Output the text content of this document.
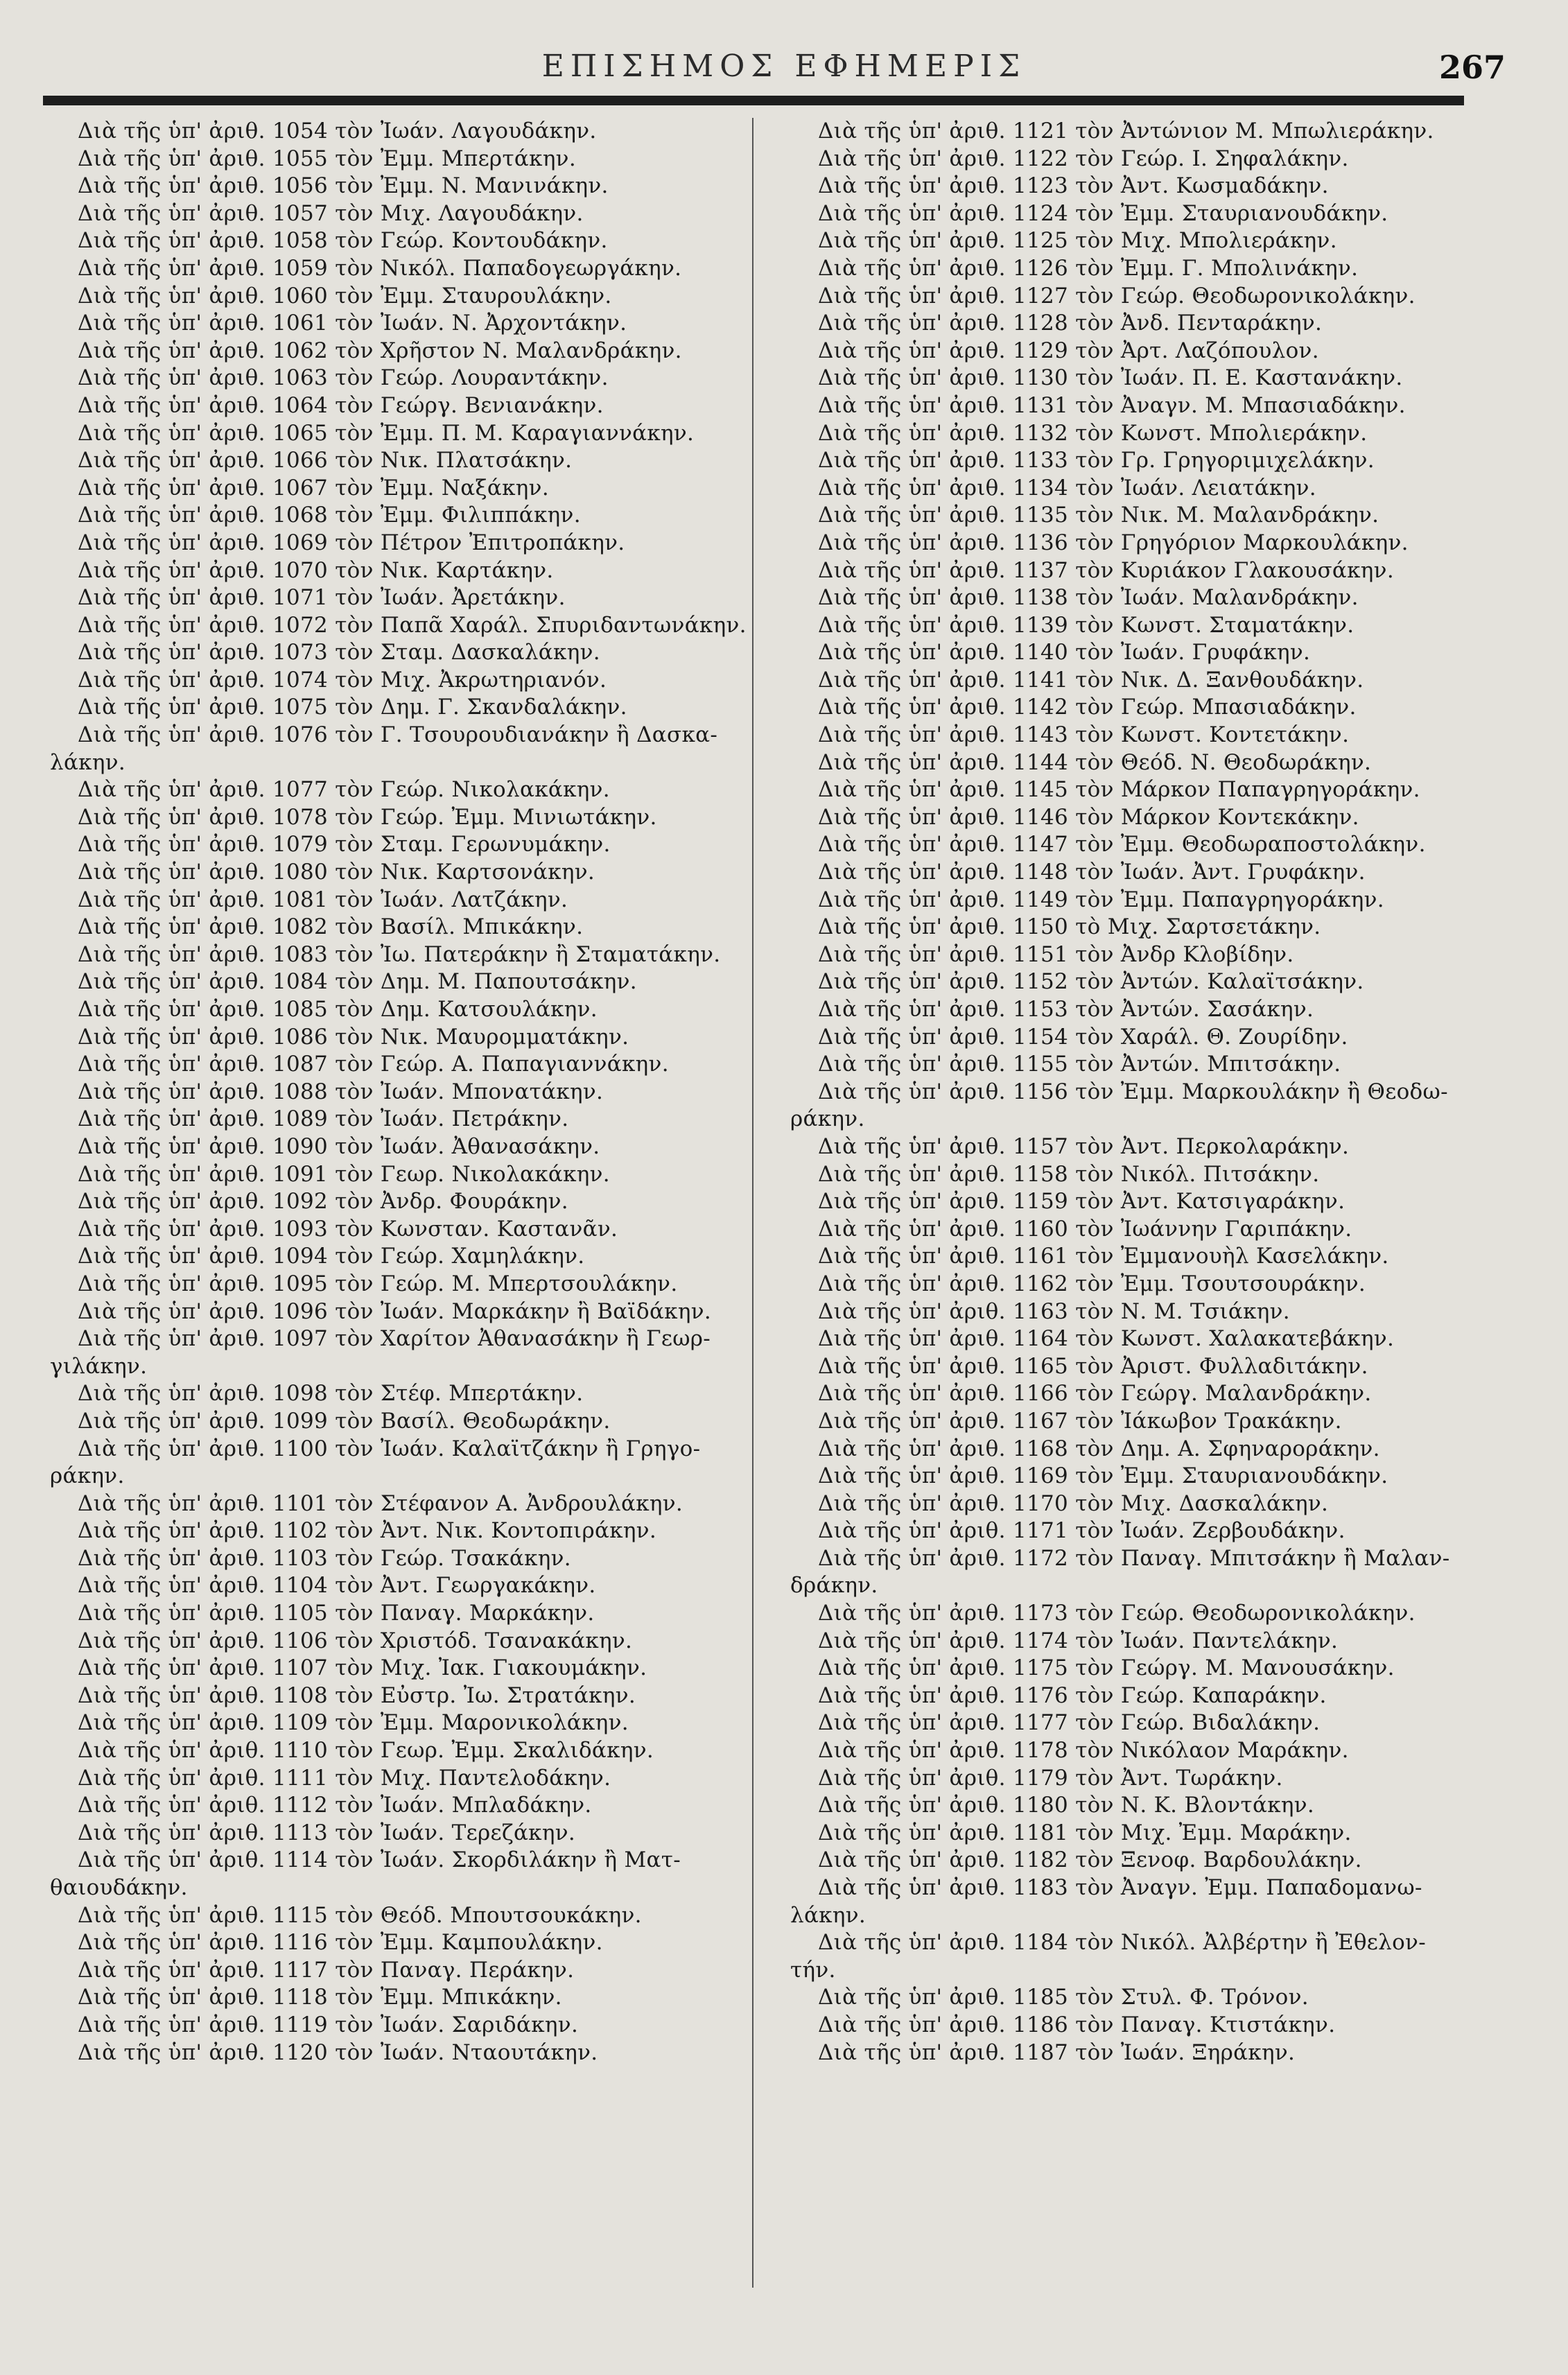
ΕΠΙΣΗΜΟΣ ΕΦΗΜΕΡΙΣ	267
Διὰ τῆς ὑπ' ἀριθ. 1054 τὸν Ἰωάν. Λαγουδάκην.
Διὰ τῆς ὑπ' ἀριθ. 1055 τὸν Ἐμμ. Μπερτάκην.
Διὰ τῆς ὑπ' ἀριθ. 1056 τὸν Ἐμμ. Ν. Μανινάκην.
Διὰ τῆς ὑπ' ἀριθ. 1057 τὸν Μιχ. Λαγουδάκην.
Διὰ τῆς ὑπ' ἀριθ. 1058 τὸν Γεώρ. Κοντουδάκην.
Διὰ τῆς ὑπ' ἀριθ. 1059 τὸν Νικόλ. Παπαδογεωργάκην.
Διὰ τῆς ὑπ' ἀριθ. 1060 τὸν Ἐμμ. Σταυρουλάκην.
Διὰ τῆς ὑπ' ἀριθ. 1061 τὸν Ἰωάν. Ν. Ἀρχοντάκην.
Διὰ τῆς ὑπ' ἀριθ. 1062 τὸν Χρῆστον Ν. Μαλανδράκην.
Διὰ τῆς ὑπ' ἀριθ. 1063 τὸν Γεώρ. Λουραντάκην.
Διὰ τῆς ὑπ' ἀριθ. 1064 τὸν Γεώργ. Βενιανάκην.
Διὰ τῆς ὑπ' ἀριθ. 1065 τὸν Ἐμμ. Π. Μ. Καραγιαννάκην.
Διὰ τῆς ὑπ' ἀριθ. 1066 τὸν Νικ. Πλατσάκην.
Διὰ τῆς ὑπ' ἀριθ. 1067 τὸν Ἐμμ. Ναξάκην.
Διὰ τῆς ὑπ' ἀριθ. 1068 τὸν Ἐμμ. Φιλιππάκην.
Διὰ τῆς ὑπ' ἀριθ. 1069 τὸν Πέτρον Ἐπιτροπάκην.
Διὰ τῆς ὑπ' ἀριθ. 1070 τὸν Νικ. Καρτάκην.
Διὰ τῆς ὑπ' ἀριθ. 1071 τὸν Ἰωάν. Ἀρετάκην.
Διὰ τῆς ὑπ' ἀριθ. 1072 τὸν Παπᾶ Χαράλ. Σπυριδαντωνάκην.
Διὰ τῆς ὑπ' ἀριθ. 1073 τὸν Σταμ. Δασκαλάκην.
Διὰ τῆς ὑπ' ἀριθ. 1074 τὸν Μιχ. Ἀκρωτηριανόν.
Διὰ τῆς ὑπ' ἀριθ. 1075 τὸν Δημ. Γ. Σκανδαλάκην.
Διὰ τῆς ὑπ' ἀριθ. 1076 τὸν Γ. Τσουρουδιανάκην ἢ Δασκα-
λάκην.
Διὰ τῆς ὑπ' ἀριθ. 1077 τὸν Γεώρ. Νικολακάκην.
Διὰ τῆς ὑπ' ἀριθ. 1078 τὸν Γεώρ. Ἐμμ. Μινιωτάκην.
Διὰ τῆς ὑπ' ἀριθ. 1079 τὸν Σταμ. Γερωνυμάκην.
Διὰ τῆς ὑπ' ἀριθ. 1080 τὸν Νικ. Καρτσονάκην.
Διὰ τῆς ὑπ' ἀριθ. 1081 τὸν Ἰωάν. Λατζάκην.
Διὰ τῆς ὑπ' ἀριθ. 1082 τὸν Βασίλ. Μπικάκην.
Διὰ τῆς ὑπ' ἀριθ. 1083 τὸν Ἰω. Πατεράκην ἢ Σταματάκην.
Διὰ τῆς ὑπ' ἀριθ. 1084 τὸν Δημ. Μ. Παπουτσάκην.
Διὰ τῆς ὑπ' ἀριθ. 1085 τὸν Δημ. Κατσουλάκην.
Διὰ τῆς ὑπ' ἀριθ. 1086 τὸν Νικ. Μαυρομματάκην.
Διὰ τῆς ὑπ' ἀριθ. 1087 τὸν Γεώρ. Α. Παπαγιαννάκην.
Διὰ τῆς ὑπ' ἀριθ. 1088 τὸν Ἰωάν. Μπονατάκην.
Διὰ τῆς ὑπ' ἀριθ. 1089 τὸν Ἰωάν. Πετράκην.
Διὰ τῆς ὑπ' ἀριθ. 1090 τὸν Ἰωάν. Ἀθανασάκην.
Διὰ τῆς ὑπ' ἀριθ. 1091 τὸν Γεωρ. Νικολακάκην.
Διὰ τῆς ὑπ' ἀριθ. 1092 τὸν Ἀνδρ. Φουράκην.
Διὰ τῆς ὑπ' ἀριθ. 1093 τὸν Κωνσταν. Καστανᾶν.
Διὰ τῆς ὑπ' ἀριθ. 1094 τὸν Γεώρ. Χαμηλάκην.
Διὰ τῆς ὑπ' ἀριθ. 1095 τὸν Γεώρ. Μ. Μπερτσουλάκην.
Διὰ τῆς ὑπ' ἀριθ. 1096 τὸν Ἰωάν. Μαρκάκην ἢ Βαϊδάκην.
Διὰ τῆς ὑπ' ἀριθ. 1097 τὸν Χαρίτον Ἀθανασάκην ἢ Γεωρ-
γιλάκην.
Διὰ τῆς ὑπ' ἀριθ. 1098 τὸν Στέφ. Μπερτάκην.
Διὰ τῆς ὑπ' ἀριθ. 1099 τὸν Βασίλ. Θεοδωράκην.
Διὰ τῆς ὑπ' ἀριθ. 1100 τὸν Ἰωάν. Καλαϊτζάκην ἢ Γρηγο-
ράκην.
Διὰ τῆς ὑπ' ἀριθ. 1101 τὸν Στέφανον Α. Ἀνδρουλάκην.
Διὰ τῆς ὑπ' ἀριθ. 1102 τὸν Ἀντ. Νικ. Κοντοπιράκην.
Διὰ τῆς ὑπ' ἀριθ. 1103 τὸν Γεώρ. Τσακάκην.
Διὰ τῆς ὑπ' ἀριθ. 1104 τὸν Ἀντ. Γεωργακάκην.
Διὰ τῆς ὑπ' ἀριθ. 1105 τὸν Παναγ. Μαρκάκην.
Διὰ τῆς ὑπ' ἀριθ. 1106 τὸν Χριστόδ. Τσανακάκην.
Διὰ τῆς ὑπ' ἀριθ. 1107 τὸν Μιχ. Ἰακ. Γιακουμάκην.
Διὰ τῆς ὑπ' ἀριθ. 1108 τὸν Εὐστρ. Ἰω. Στρατάκην.
Διὰ τῆς ὑπ' ἀριθ. 1109 τὸν Ἐμμ. Μαρονικολάκην.
Διὰ τῆς ὑπ' ἀριθ. 1110 τὸν Γεωρ. Ἐμμ. Σκαλιδάκην.
Διὰ τῆς ὑπ' ἀριθ. 1111 τὸν Μιχ. Παντελοδάκην.
Διὰ τῆς ὑπ' ἀριθ. 1112 τὸν Ἰωάν. Μπλαδάκην.
Διὰ τῆς ὑπ' ἀριθ. 1113 τὸν Ἰωάν. Τερεζάκην.
Διὰ τῆς ὑπ' ἀριθ. 1114 τὸν Ἰωάν. Σκορδιλάκην ἢ Ματ-
θαιουδάκην.
Διὰ τῆς ὑπ' ἀριθ. 1115 τὸν Θεόδ. Μπουτσουκάκην.
Διὰ τῆς ὑπ' ἀριθ. 1116 τὸν Ἐμμ. Καμπουλάκην.
Διὰ τῆς ὑπ' ἀριθ. 1117 τὸν Παναγ. Περάκην.
Διὰ τῆς ὑπ' ἀριθ. 1118 τὸν Ἐμμ. Μπικάκην.
Διὰ τῆς ὑπ' ἀριθ. 1119 τὸν Ἰωάν. Σαριδάκην.
Διὰ τῆς ὑπ' ἀριθ. 1120 τὸν Ἰωάν. Νταουτάκην.
Διὰ τῆς ὑπ' ἀριθ. 1121 τὸν Ἀντώνιον Μ. Μπωλιεράκην.
Διὰ τῆς ὑπ' ἀριθ. 1122 τὸν Γεώρ. Ι. Σηφαλάκην.
Διὰ τῆς ὑπ' ἀριθ. 1123 τὸν Ἀντ. Κωσμαδάκην.
Διὰ τῆς ὑπ' ἀριθ. 1124 τὸν Ἐμμ. Σταυριανουδάκην.
Διὰ τῆς ὑπ' ἀριθ. 1125 τὸν Μιχ. Μπολιεράκην.
Διὰ τῆς ὑπ' ἀριθ. 1126 τὸν Ἐμμ. Γ. Μπολινάκην.
Διὰ τῆς ὑπ' ἀριθ. 1127 τὸν Γεώρ. Θεοδωρονικολάκην.
Διὰ τῆς ὑπ' ἀριθ. 1128 τὸν Ἀνδ. Πενταράκην.
Διὰ τῆς ὑπ' ἀριθ. 1129 τὸν Ἀρτ. Λαζόπουλον.
Διὰ τῆς ὑπ' ἀριθ. 1130 τὸν Ἰωάν. Π. Ε. Καστανάκην.
Διὰ τῆς ὑπ' ἀριθ. 1131 τὸν Ἀναγν. Μ. Μπασιαδάκην.
Διὰ τῆς ὑπ' ἀριθ. 1132 τὸν Κωνστ. Μπολιεράκην.
Διὰ τῆς ὑπ' ἀριθ. 1133 τὸν Γρ. Γρηγοριμιχελάκην.
Διὰ τῆς ὑπ' ἀριθ. 1134 τὸν Ἰωάν. Λειατάκην.
Διὰ τῆς ὑπ' ἀριθ. 1135 τὸν Νικ. Μ. Μαλανδράκην.
Διὰ τῆς ὑπ' ἀριθ. 1136 τὸν Γρηγόριον Μαρκουλάκην.
Διὰ τῆς ὑπ' ἀριθ. 1137 τὸν Κυριάκον Γλακουσάκην.
Διὰ τῆς ὑπ' ἀριθ. 1138 τὸν Ἰωάν. Μαλανδράκην.
Διὰ τῆς ὑπ' ἀριθ. 1139 τὸν Κωνστ. Σταματάκην.
Διὰ τῆς ὑπ' ἀριθ. 1140 τὸν Ἰωάν. Γρυφάκην.
Διὰ τῆς ὑπ' ἀριθ. 1141 τὸν Νικ. Δ. Ξανθουδάκην.
Διὰ τῆς ὑπ' ἀριθ. 1142 τὸν Γεώρ. Μπασιαδάκην.
Διὰ τῆς ὑπ' ἀριθ. 1143 τὸν Κωνστ. Κοντετάκην.
Διὰ τῆς ὑπ' ἀριθ. 1144 τὸν Θεόδ. Ν. Θεοδωράκην.
Διὰ τῆς ὑπ' ἀριθ. 1145 τὸν Μάρκον Παπαγρηγοράκην.
Διὰ τῆς ὑπ' ἀριθ. 1146 τὸν Μάρκον Κοντεκάκην.
Διὰ τῆς ὑπ' ἀριθ. 1147 τὸν Ἐμμ. Θεοδωραποστολάκην.
Διὰ τῆς ὑπ' ἀριθ. 1148 τὸν Ἰωάν. Ἀντ. Γρυφάκην.
Διὰ τῆς ὑπ' ἀριθ. 1149 τὸν Ἐμμ. Παπαγρηγοράκην.
Διὰ τῆς ὑπ' ἀριθ. 1150 τὸ Μιχ. Σαρτσετάκην.
Διὰ τῆς ὑπ' ἀριθ. 1151 τὸν Ἀνδρ Κλοβίδην.
Διὰ τῆς ὑπ' ἀριθ. 1152 τὸν Ἀντών. Καλαϊτσάκην.
Διὰ τῆς ὑπ' ἀριθ. 1153 τὸν Ἀντών. Σασάκην.
Διὰ τῆς ὑπ' ἀριθ. 1154 τὸν Χαράλ. Θ. Ζουρίδην.
Διὰ τῆς ὑπ' ἀριθ. 1155 τὸν Ἀντών. Μπιτσάκην.
Διὰ τῆς ὑπ' ἀριθ. 1156 τὸν Ἐμμ. Μαρκουλάκην ἢ Θεοδω-
ράκην.
Διὰ τῆς ὑπ' ἀριθ. 1157 τὸν Ἀντ. Περκολαράκην.
Διὰ τῆς ὑπ' ἀριθ. 1158 τὸν Νικόλ. Πιτσάκην.
Διὰ τῆς ὑπ' ἀριθ. 1159 τὸν Ἀντ. Κατσιγαράκην.
Διὰ τῆς ὑπ' ἀριθ. 1160 τὸν Ἰωάννην Γαριπάκην.
Διὰ τῆς ὑπ' ἀριθ. 1161 τὸν Ἐμμανουὴλ Κασελάκην.
Διὰ τῆς ὑπ' ἀριθ. 1162 τὸν Ἐμμ. Τσουτσουράκην.
Διὰ τῆς ὑπ' ἀριθ. 1163 τὸν Ν. Μ. Τσιάκην.
Διὰ τῆς ὑπ' ἀριθ. 1164 τὸν Κωνστ. Χαλακατεβάκην.
Διὰ τῆς ὑπ' ἀριθ. 1165 τὸν Ἀριστ. Φυλλαδιτάκην.
Διὰ τῆς ὑπ' ἀριθ. 1166 τὸν Γεώργ. Μαλανδράκην.
Διὰ τῆς ὑπ' ἀριθ. 1167 τὸν Ἰάκωβον Τρακάκην.
Διὰ τῆς ὑπ' ἀριθ. 1168 τὸν Δημ. Α. Σφηναροράκην.
Διὰ τῆς ὑπ' ἀριθ. 1169 τὸν Ἐμμ. Σταυριανουδάκην.
Διὰ τῆς ὑπ' ἀριθ. 1170 τὸν Μιχ. Δασκαλάκην.
Διὰ τῆς ὑπ' ἀριθ. 1171 τὸν Ἰωάν. Ζερβουδάκην.
Διὰ τῆς ὑπ' ἀριθ. 1172 τὸν Παναγ. Μπιτσάκην ἢ Μαλαν-
δράκην.
Διὰ τῆς ὑπ' ἀριθ. 1173 τὸν Γεώρ. Θεοδωρονικολάκην.
Διὰ τῆς ὑπ' ἀριθ. 1174 τὸν Ἰωάν. Παντελάκην.
Διὰ τῆς ὑπ' ἀριθ. 1175 τὸν Γεώργ. Μ. Μανουσάκην.
Διὰ τῆς ὑπ' ἀριθ. 1176 τὸν Γεώρ. Καπαράκην.
Διὰ τῆς ὑπ' ἀριθ. 1177 τὸν Γεώρ. Βιδαλάκην.
Διὰ τῆς ὑπ' ἀριθ. 1178 τὸν Νικόλαον Μαράκην.
Διὰ τῆς ὑπ' ἀριθ. 1179 τὸν Ἀντ. Τωράκην.
Διὰ τῆς ὑπ' ἀριθ. 1180 τὸν Ν. Κ. Βλοντάκην.
Διὰ τῆς ὑπ' ἀριθ. 1181 τὸν Μιχ. Ἐμμ. Μαράκην.
Διὰ τῆς ὑπ' ἀριθ. 1182 τὸν Ξενοφ. Βαρδουλάκην.
Διὰ τῆς ὑπ' ἀριθ. 1183 τὸν Ἀναγν. Ἐμμ. Παπαδομανω-
λάκην.
Διὰ τῆς ὑπ' ἀριθ. 1184 τὸν Νικόλ. Ἀλβέρτην ἢ Ἐθελον-
τήν.
Διὰ τῆς ὑπ' ἀριθ. 1185 τὸν Στυλ. Φ. Τρόνον.
Διὰ τῆς ὑπ' ἀριθ. 1186 τὸν Παναγ. Κτιστάκην.
Διὰ τῆς ὑπ' ἀριθ. 1187 τὸν Ἰωάν. Ξηράκην.
